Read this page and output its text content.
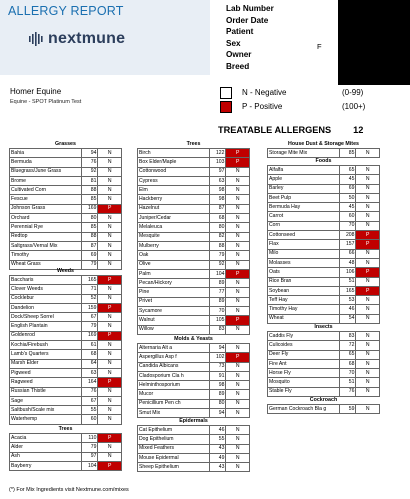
ALLERGY REPORT
nextmune
Lab Number
Order Date
Patient
Sex
Owner
Breed
F
Homer Equine
Equine - SPOT Platinum Test
N - Negative	(0-99)
P - Positive	(100+)
TREATABLE ALLERGENS 12
Grasses
Bahia	94	N
Bermuda	76	N
Bluegrass/June Grass	92	N
Brome	81	N
Cultivated Corn	88	N
Fescue	85	N
Johnson Grass	169	P
Orchard	80	N
Perennial Rye	85	N
Redtop	88	N
Saltgrass/Vernal Mix	87	N
Timothy	69	N
Wheat Grass	79	N
Weeds
Baccharis	165	P
Clover Weeds	71	N
Cocklebur	52	N
Dandelion	159	P
Dock/Sheep Sorrel	67	N
English Plantain	79	N
Goldenrod	169	P
Kochia/Firebush	61	N
Lamb's Quarters	68	N
Marsh Elder	64	N
Pigweed	63	N
Ragweed	164	P
Russian Thistle	76	N
Sage	67	N
Saltbush/Scale mix	55	N
Waterhemp	60	N
Trees
Acacia	110	P
Alder	79	N
Ash	97	N
Bayberry	104	P
Trees
Birch	122	P
Box Elder/Maple	103	P
Cottonwood	97	N
Cypress	63	N
Elm	98	N
Hackberry	98	N
Hazelnut	87	N
Juniper/Cedar	68	N
Melaleuca	80	N
Mesquite	82	N
Mulberry	88	N
Oak	79	N
Olive	92	N
Palm	104	P
Pecan/Hickory	89	N
Pine	77	N
Privet	89	N
Sycamore	70	N
Walnut	105	P
Willow	83	N
Molds & Yeasts
Alternaria Alt a	94	N
Aspergillus Asp f	102	P
Candida Albicans	73	N
Cladosporium Cla h	91	N
Helminthosporium	98	N
Mucor	89	N
Penicillium Pen ch	80	N
Smut Mix	94	N
Epidermals
Cat Epithelium	46	N
Dog Epithelium	55	N
Mixed Feathers	43	N
Mouse Epidermal	49	N
Sheep Epithelium	43	N
House Dust & Storage Mites
Storage Mite Mix	85	N
Foods
Alfalfa	65	N
Apple	45	N
Barley	69	N
Beet Pulp	50	N
Bermuda Hay	45	N
Carrot	60	N
Corn	70	N
Cottonseed	208	P
Flax	157	P
Milo	66	N
Molasses	48	N
Oats	106	P
Rice Bran	51	N
Soybean	165	P
Teff Hay	53	N
Timothy Hay	46	N
Wheat	54	N
Insects
Caddis Fly	83	N
Culicoides	72	N
Deer Fly	65	N
Fire Ant	68	N
Horse Fly	70	N
Mosquito	51	N
Stable Fly	76	N
Cockroach
German Cockroach Bla g	59	N
(*) For Mix Ingredients visit Nextmune.com/mixes
